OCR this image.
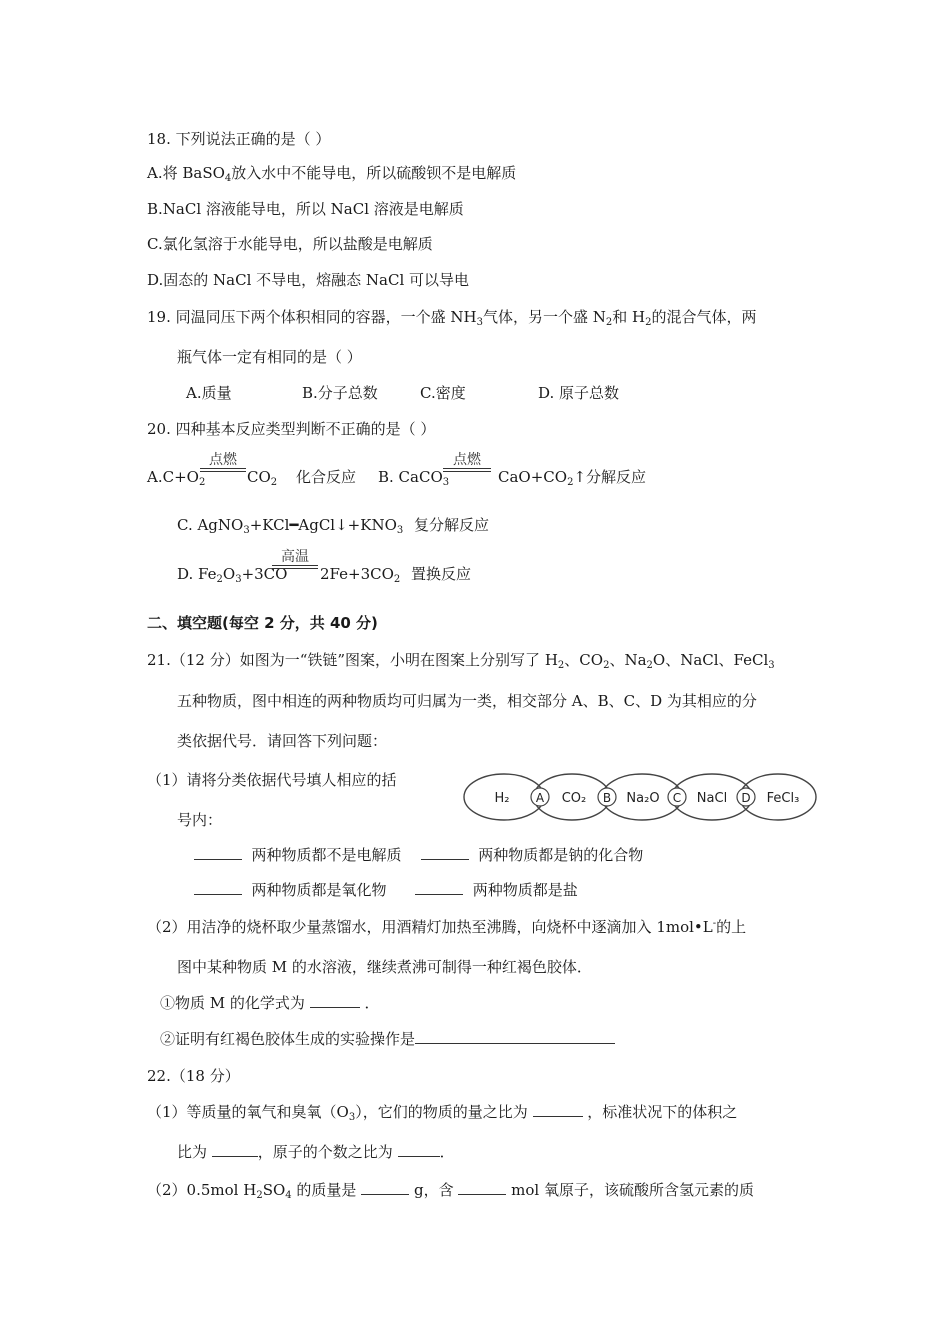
18. 下列说法正确的是（ ）
A.将 BaSO$_4$放入水中不能导电，所以硫酸钡不是电解质
B.NaCl 溶液能导电，所以 NaCl 溶液是电解质
C.氯化氢溶于水能导电，所以盐酸是电解质
D.固态的 NaCl 不导电，熔融态 NaCl 可以导电
19. 同温同压下两个体积相同的容器，一个盛 $NH_3$气体，另一个盛 $N_2$和 $H_2$的混合气体，两
瓶气体一定有相同的是（ ）
A.质量	B.分子总数	C.密度	D. 原子总数
20. 四种基本反应类型判断不正确的是（ ）
$A.C+O_2$
点燃
$CO_2$ 化合反应 B. CaCO$_3$
点燃
$CaO+CO_2↑$分解反应
C. $AgNO_3+KCl━AgCl↓+KNO_3$ 复分解反应
D. $Fe_2O_3+3CO$
高温
$2Fe+3CO_2$ 置换反应
二、填空题(每空 2 分，共 40 分)
21.（12 分）如图为一“铁链”图案，小明在图案上分别写了 $H_2$、$CO_2$、$Na_2O$、NaCl、FeCl$_3$
五种物质，图中相连的两种物质均可归属为一类，相交部分 A、B、C、D 为其相应的分
类依据代号．请回答下列问题：
（1）请将分类依据代号填人相应的括
号内：
H₂	CO₂	Na₂O	NaCl	FeCl₃
A	B	C	D
两种物质都不是电解质	两种物质都是钠的化合物
两种物质都是氧化物	两种物质都是盐
（2）用洁净的烧杯取少量蒸馏水，用酒精灯加热至沸腾，向烧杯中逐滴加入 1mol•L-的上
图中某种物质 M 的水溶液，继续煮沸可制得一种红褐色胶体．
①物质 M 的化学式为	．
②证明有红褐色胶体生成的实验操作是
22.（18 分）
（1）等质量的氧气和臭氧$(O_3)$，它们的物质的量之比为	，标准状况下的体积之
比为	，原子的个数之比为	．
（2）0.5mol $H_2SO_4$ 的质量是	g，含	mol 氧原子，该硫酸所含氢元素的质
